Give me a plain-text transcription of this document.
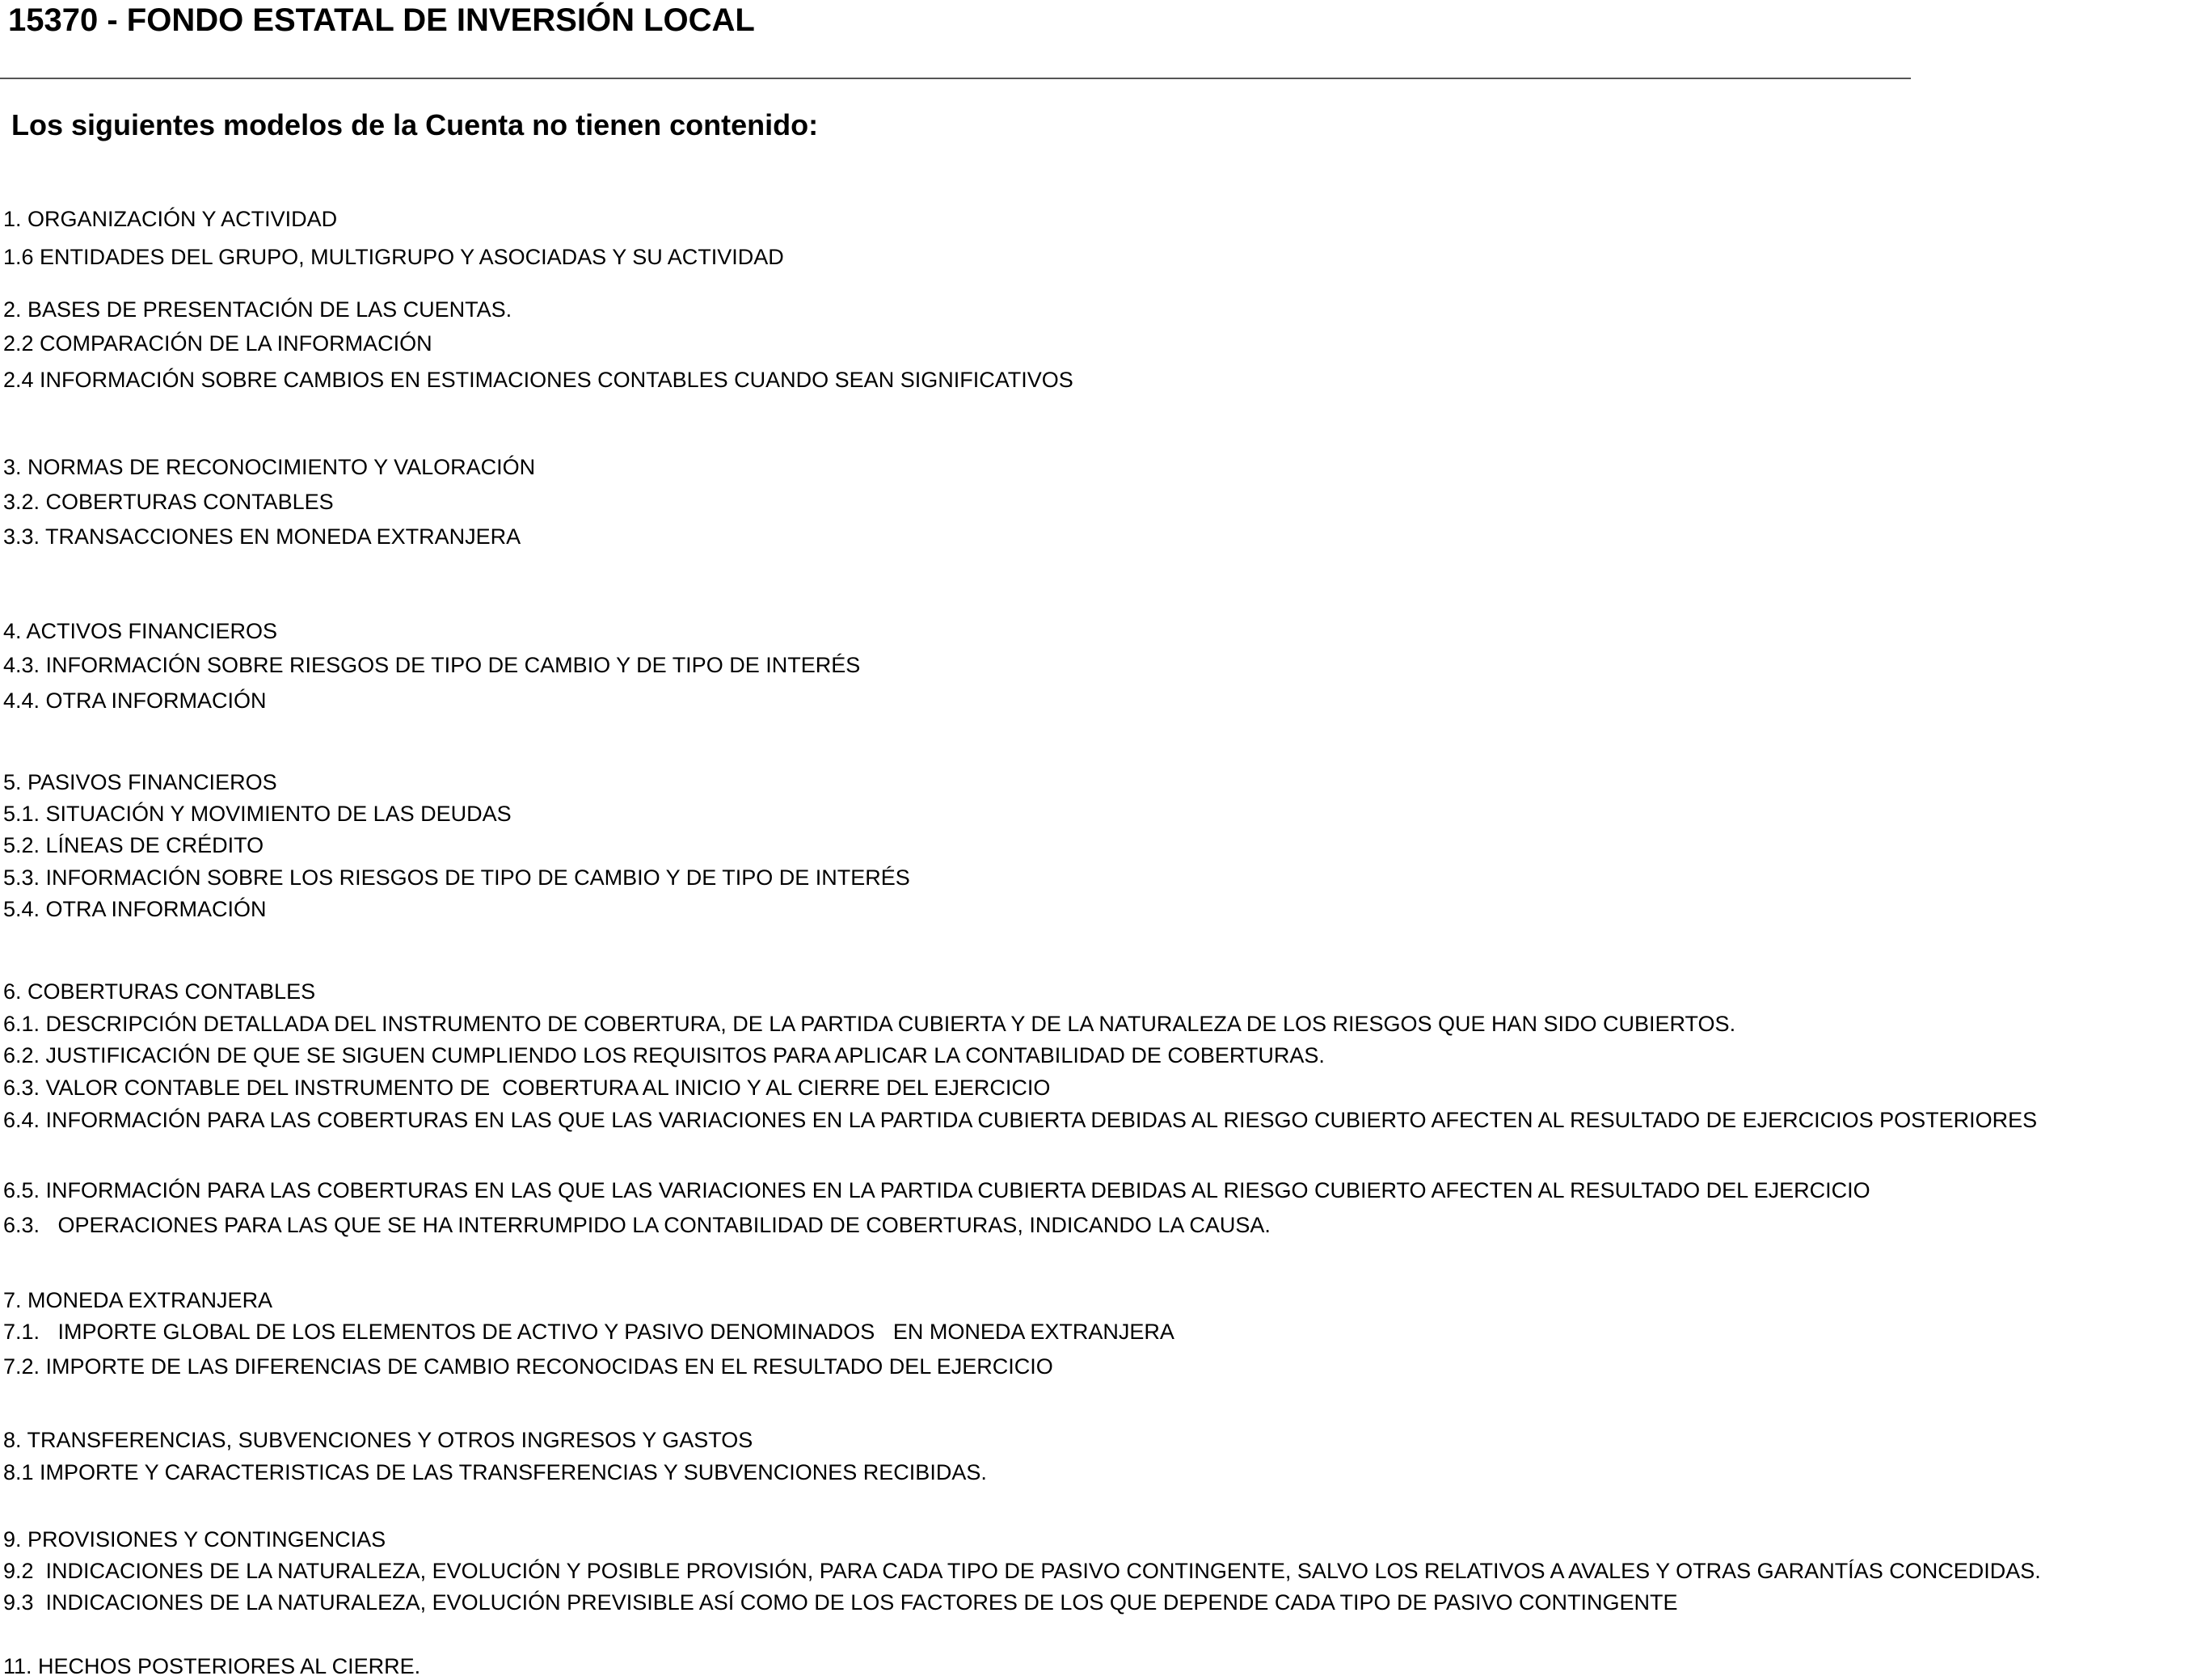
15370 - FONDO ESTATAL DE INVERSIÓN LOCAL
Los siguientes modelos de la Cuenta no tienen contenido:
1. ORGANIZACIÓN Y ACTIVIDAD
1.6 ENTIDADES DEL GRUPO, MULTIGRUPO Y ASOCIADAS Y SU ACTIVIDAD
2. BASES DE PRESENTACIÓN DE LAS CUENTAS.
2.2 COMPARACIÓN DE LA INFORMACIÓN
2.4 INFORMACIÓN SOBRE CAMBIOS EN ESTIMACIONES CONTABLES CUANDO SEAN SIGNIFICATIVOS
3. NORMAS DE RECONOCIMIENTO Y VALORACIÓN
3.2. COBERTURAS CONTABLES
3.3. TRANSACCIONES EN MONEDA EXTRANJERA
4. ACTIVOS FINANCIEROS
4.3. INFORMACIÓN SOBRE RIESGOS DE TIPO DE CAMBIO Y DE TIPO DE INTERÉS
4.4. OTRA INFORMACIÓN
5. PASIVOS FINANCIEROS
5.1. SITUACIÓN Y MOVIMIENTO DE LAS DEUDAS
5.2. LÍNEAS DE CRÉDITO
5.3. INFORMACIÓN SOBRE LOS RIESGOS DE TIPO DE CAMBIO Y DE TIPO DE INTERÉS
5.4. OTRA INFORMACIÓN
6. COBERTURAS CONTABLES
6.1. DESCRIPCIÓN DETALLADA DEL INSTRUMENTO DE COBERTURA, DE LA PARTIDA CUBIERTA Y DE LA NATURALEZA DE LOS RIESGOS QUE HAN SIDO CUBIERTOS.
6.2. JUSTIFICACIÓN DE QUE SE SIGUEN CUMPLIENDO LOS REQUISITOS PARA APLICAR LA CONTABILIDAD DE COBERTURAS.
6.3. VALOR CONTABLE DEL INSTRUMENTO DE  COBERTURA AL INICIO Y AL CIERRE DEL EJERCICIO
6.4. INFORMACIÓN PARA LAS COBERTURAS EN LAS QUE LAS VARIACIONES EN LA PARTIDA CUBIERTA DEBIDAS AL RIESGO CUBIERTO AFECTEN AL RESULTADO DE EJERCICIOS POSTERIORES
6.5. INFORMACIÓN PARA LAS COBERTURAS EN LAS QUE LAS VARIACIONES EN LA PARTIDA CUBIERTA DEBIDAS AL RIESGO CUBIERTO AFECTEN AL RESULTADO DEL EJERCICIO
6.3.   OPERACIONES PARA LAS QUE SE HA INTERRUMPIDO LA CONTABILIDAD DE COBERTURAS, INDICANDO LA CAUSA.
7. MONEDA EXTRANJERA
7.1.   IMPORTE GLOBAL DE LOS ELEMENTOS DE ACTIVO Y PASIVO DENOMINADOS   EN MONEDA EXTRANJERA
7.2. IMPORTE DE LAS DIFERENCIAS DE CAMBIO RECONOCIDAS EN EL RESULTADO DEL EJERCICIO
8. TRANSFERENCIAS, SUBVENCIONES Y OTROS INGRESOS Y GASTOS
8.1 IMPORTE Y CARACTERISTICAS DE LAS TRANSFERENCIAS Y SUBVENCIONES RECIBIDAS.
9. PROVISIONES Y CONTINGENCIAS
9.2  INDICACIONES DE LA NATURALEZA, EVOLUCIÓN Y POSIBLE PROVISIÓN, PARA CADA TIPO DE PASIVO CONTINGENTE, SALVO LOS RELATIVOS A AVALES Y OTRAS GARANTÍAS CONCEDIDAS.
9.3  INDICACIONES DE LA NATURALEZA, EVOLUCIÓN PREVISIBLE ASÍ COMO DE LOS FACTORES DE LOS QUE DEPENDE CADA TIPO DE PASIVO CONTINGENTE
11. HECHOS POSTERIORES AL CIERRE.
